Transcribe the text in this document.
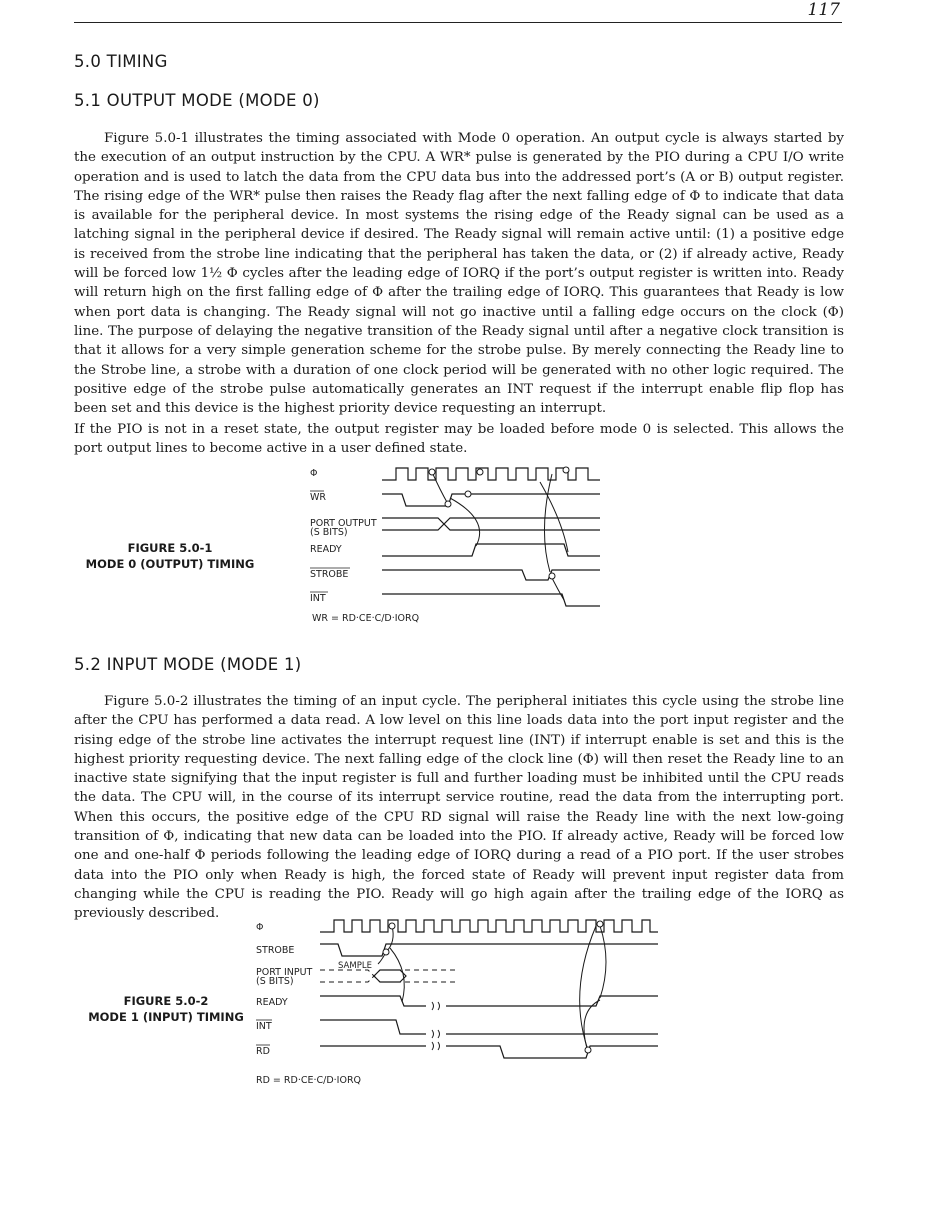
117
5.0 TIMING
5.1 OUTPUT MODE (MODE 0)

Figure 5.0-1 illustrates the timing associated with Mode 0 operation. An output cycle is always started by the execution of an output instruction by the CPU. A WR* pulse is generated by the PIO during a CPU I/O write operation and is used to latch the data from the CPU data bus into the addressed port’s (A or B) output register. The rising edge of the WR* pulse then raises the Ready flag after the next falling edge of Φ to indicate that data is available for the peripheral device. In most systems the rising edge of the Ready signal can be used as a latching signal in the peripheral device if desired. The Ready signal will remain active until: (1) a positive edge is received from the strobe line indicating that the peripheral has taken the data, or (2) if already active, Ready will be forced low 1½ Φ cycles after the leading edge of IORQ if the port’s output register is written into. Ready will return high on the first falling edge of Φ after the trailing edge of IORQ. This guarantees that Ready is low when port data is changing. The Ready signal will not go inactive until a falling edge occurs on the clock (Φ) line. The purpose of delaying the negative transition of the Ready signal until after a negative clock transition is that it allows for a very simple generation scheme for the strobe pulse. By merely connecting the Ready line to the Strobe line, a strobe with a duration of one clock period will be generated with no other logic required. The positive edge of the strobe pulse automatically generates an INT request if the interrupt enable flip flop has been set and this device is the highest priority device requesting an interrupt.

If the PIO is not in a reset state, the output register may be loaded before mode 0 is selected. This allows the port output lines to become active in a user defined state.

FIGURE 5.0-1
MODE 0 (OUTPUT) TIMING
Φ
WR
PORT OUTPUT
(S BITS)
READY
STROBE
INT
WR = RD·CE·C/D·IORQ
5.2 INPUT MODE (MODE 1)

Figure 5.0-2 illustrates the timing of an input cycle. The peripheral initiates this cycle using the strobe line after the CPU has performed a data read. A low level on this line loads data into the port input register and the rising edge of the strobe line activates the interrupt request line (INT) if interrupt enable is set and this is the highest priority requesting device. The next falling edge of the clock line (Φ) will then reset the Ready line to an inactive state signifying that the input register is full and further loading must be inhibited until the CPU reads the data. The CPU will, in the course of its interrupt service routine, read the data from the interrupting port. When this occurs, the positive edge of the CPU RD signal will raise the Ready line with the next low-going transition of Φ, indicating that new data can be loaded into the PIO. If already active, Ready will be forced low one and one-half Φ periods following the leading edge of IORQ during a read of a PIO port. If the user strobes data into the PIO only when Ready is high, the forced state of Ready will prevent input register data from changing while the CPU is reading the PIO. Ready will go high again after the trailing edge of the IORQ as previously described.

FIGURE 5.0-2
MODE 1 (INPUT) TIMING
Φ
STROBE
SAMPLE
PORT INPUT
(S BITS)
READY
INT
RD
RD = RD·CE·C/D·IORQ
